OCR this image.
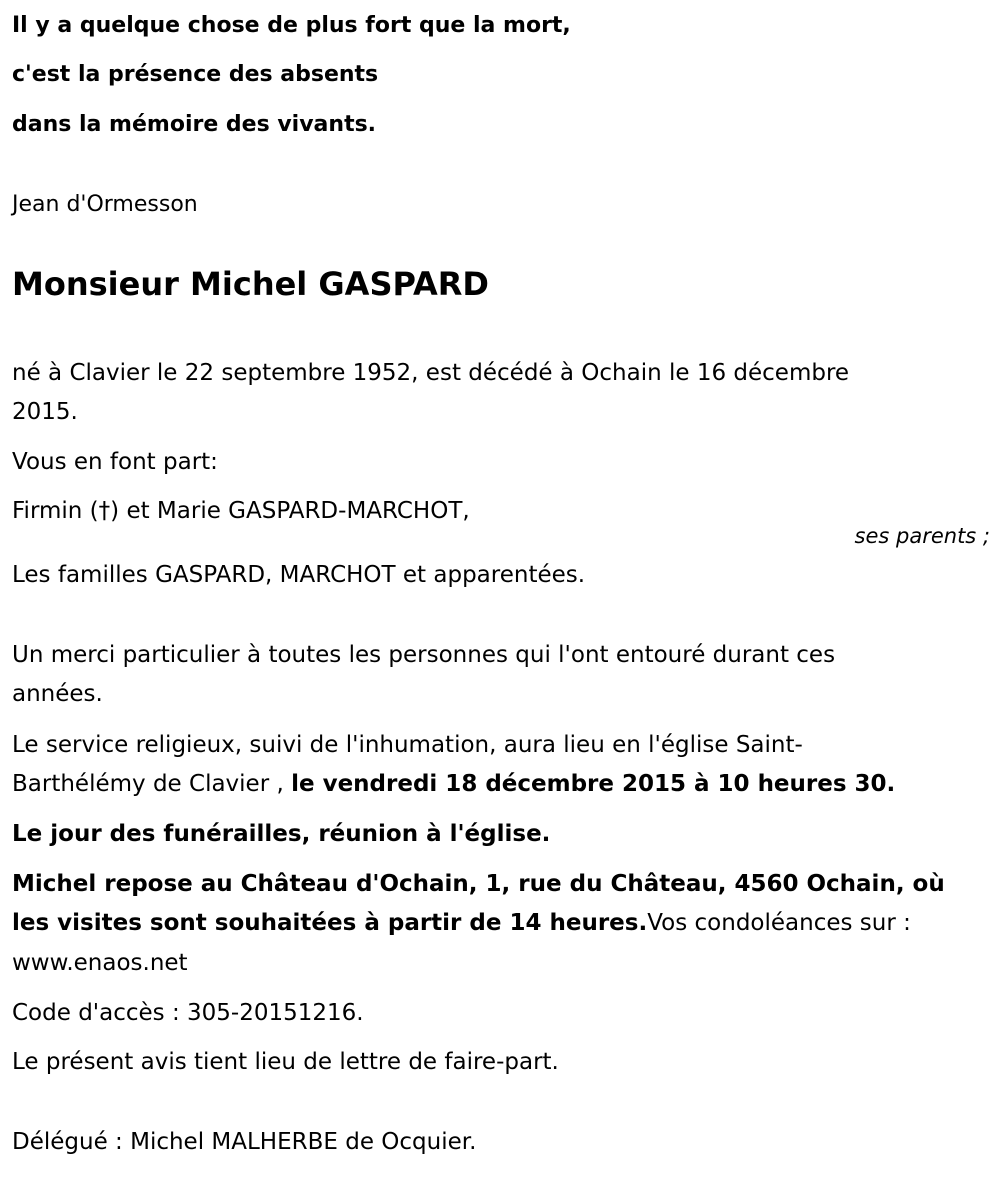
Il y a quelque chose de plus fort que la mort,
c'est la présence des absents
dans la mémoire des vivants.
Jean d'Ormesson
Monsieur Michel GASPARD
né à Clavier le 22 septembre 1952, est décédé à Ochain le 16 décembre
2015.
Vous en font part:
Firmin (†) et Marie GASPARD-MARCHOT,
ses parents ;
Les familles GASPARD, MARCHOT et apparentées.
Un merci particulier à toutes les personnes qui l'ont entouré durant ces
années.
Le service religieux, suivi de l'inhumation, aura lieu en l'église Saint-
Barthélémy de Clavier , le vendredi 18 décembre 2015 à 10 heures 30.
Le jour des funérailles, réunion à l'église.
Michel repose au Château d'Ochain, 1, rue du Château, 4560 Ochain, où
les visites sont souhaitées à partir de 14 heures.Vos condoléances sur :
www.enaos.net
Code d'accès : 305-20151216.
Le présent avis tient lieu de lettre de faire-part.
Délégué : Michel MALHERBE de Ocquier.
